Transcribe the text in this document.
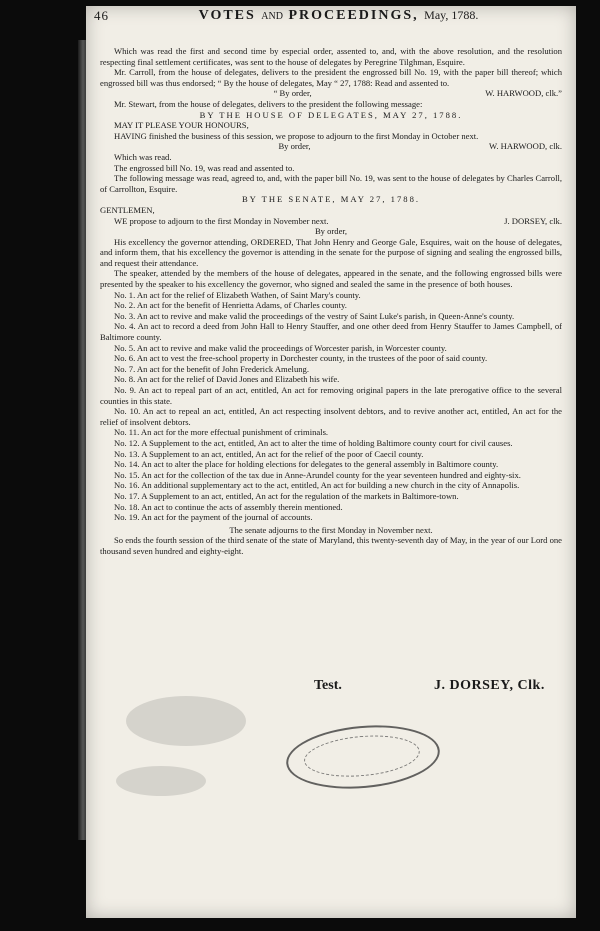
46	VOTES AND PROCEEDINGS, May, 1788.

Which was read the first and second time by especial order, assented to, and, with the above resolution, and the resolution respecting final settlement certificates, was sent to the house of delegates by Peregrine Tilghman, Esquire.

Mr. Carroll, from the house of delegates, delivers to the president the engrossed bill No. 19, with the paper bill thereof; which engrossed bill was thus endorsed; “ By the house of delegates, May “ 27, 1788: Read and assented to.

“ By order,	W. HARWOOD, clk.”

Mr. Stewart, from the house of delegates, delivers to the president the following message:

BY THE HOUSE OF DELEGATES, MAY 27, 1788.

MAY IT PLEASE YOUR HONOURS,

HAVING finished the business of this session, we propose to adjourn to the first Monday in October next.

By order,	W. HARWOOD, clk.

Which was read.

The engrossed bill No. 19, was read and assented to.

The following message was read, agreed to, and, with the paper bill No. 19, was sent to the house of delegates by Charles Carroll, of Carrollton, Esquire.

BY THE SENATE, MAY 27, 1788.

GENTLEMEN,

WE propose to adjourn to the first Monday in November next.	J. DORSEY, clk.

By order,

His excellency the governor attending, ORDERED, That John Henry and George Gale, Esquires, wait on the house of delegates, and inform them, that his excellency the governor is attending in the senate for the purpose of signing and sealing the engrossed bills, and request their attendance.

The speaker, attended by the members of the house of delegates, appeared in the senate, and the following engrossed bills were presented by the speaker to his excellency the governor, who signed and sealed the same in the presence of both houses.

No. 1. An act for the relief of Elizabeth Wathen, of Saint Mary's county.

No. 2. An act for the benefit of Henrietta Adams, of Charles county.

No. 3. An act to revive and make valid the proceedings of the vestry of Saint Luke's parish, in Queen-Anne's county.

No. 4. An act to record a deed from John Hall to Henry Stauffer, and one other deed from Henry Stauffer to James Campbell, of Baltimore county.

No. 5. An act to revive and make valid the proceedings of Worcester parish, in Worcester county.

No. 6. An act to vest the free-school property in Dorchester county, in the trustees of the poor of said county.

No. 7. An act for the benefit of John Frederick Amelung.

No. 8. An act for the relief of David Jones and Elizabeth his wife.

No. 9. An act to repeal part of an act, entitled, An act for removing original papers in the late prerogative office to the several counties in this state.

No. 10. An act to repeal an act, entitled, An act respecting insolvent debtors, and to revive another act, entitled, An act for the relief of insolvent debtors.

No. 11. An act for the more effectual punishment of criminals.

No. 12. A Supplement to the act, entitled, An act to alter the time of holding Baltimore county court for civil causes.

No. 13. A Supplement to an act, entitled, An act for the relief of the poor of Caecil county.

No. 14. An act to alter the place for holding elections for delegates to the general assembly in Baltimore county.

No. 15. An act for the collection of the tax due in Anne-Arundel county for the year seventeen hundred and eighty-six.

No. 16. An additional supplementary act to the act, entitled, An act for building a new church in the city of Annapolis.

No. 17. A Supplement to an act, entitled, An act for the regulation of the markets in Baltimore-town.

No. 18. An act to continue the acts of assembly therein mentioned.

No. 19. An act for the payment of the journal of accounts.

The senate adjourns to the first Monday in November next.

So ends the fourth session of the third senate of the state of Maryland, this twenty-seventh day of May, in the year of our Lord one thousand seven hundred and eighty-eight.

Test.	J. DORSEY, Clk.
